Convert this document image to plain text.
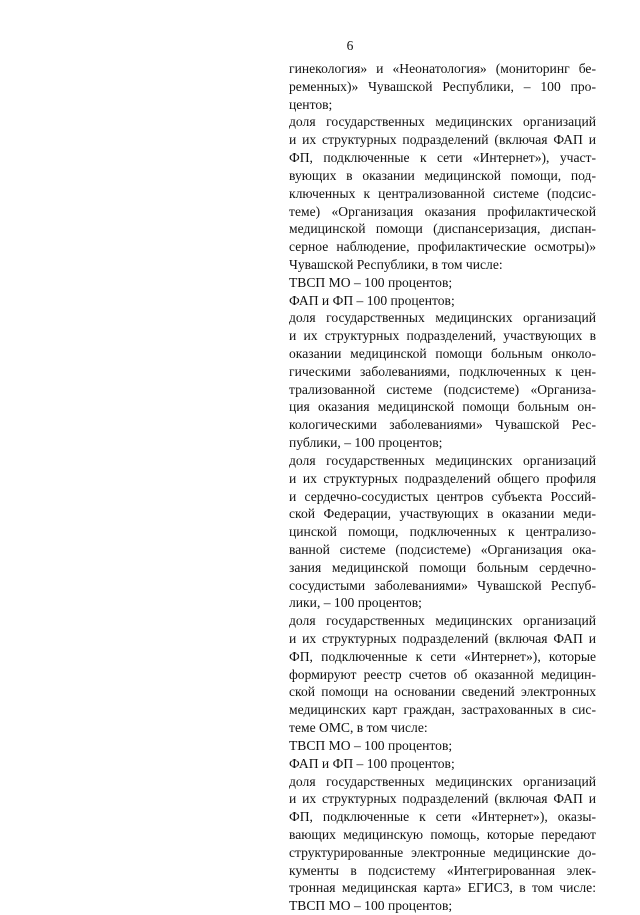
6
гинекология» и «Неонатология» (мониторинг бе-
ременных)» Чувашской Республики, – 100 про-
центов;
доля государственных медицинских организаций
и их структурных подразделений (включая ФАП и
ФП, подключенные к сети «Интернет»), участ-
вующих в оказании медицинской помощи, под-
ключенных к централизованной системе (подсис-
теме) «Организация оказания профилактической
медицинской помощи (диспансеризация, диспан-
серное наблюдение, профилактические осмотры)»
Чувашской Республики, в том числе:
ТВСП МО – 100 процентов;
ФАП и ФП – 100 процентов;
доля государственных медицинских организаций
и их структурных подразделений, участвующих в
оказании медицинской помощи больным онколо-
гическими заболеваниями, подключенных к цен-
трализованной системе (подсистеме) «Организа-
ция оказания медицинской помощи больным он-
кологическими заболеваниями» Чувашской Рес-
публики, – 100 процентов;
доля государственных медицинских организаций
и их структурных подразделений общего профиля
и сердечно-сосудистых центров субъекта Россий-
ской Федерации, участвующих в оказании меди-
цинской помощи, подключенных к централизо-
ванной системе (подсистеме) «Организация ока-
зания медицинской помощи больным сердечно-
сосудистыми заболеваниями» Чувашской Респуб-
лики, – 100 процентов;
доля государственных медицинских организаций
и их структурных подразделений (включая ФАП и
ФП, подключенные к сети «Интернет»), которые
формируют реестр счетов об оказанной медицин-
ской помощи на основании сведений электронных
медицинских карт граждан, застрахованных в сис-
теме ОМС, в том числе:
ТВСП МО – 100 процентов;
ФАП и ФП – 100 процентов;
доля государственных медицинских организаций
и их структурных подразделений (включая ФАП и
ФП, подключенные к сети «Интернет»), оказы-
вающих медицинскую помощь, которые передают
структурированные электронные медицинские до-
кументы в подсистему «Интегрированная элек-
тронная медицинская карта» ЕГИСЗ, в том числе:
ТВСП МО – 100 процентов;
